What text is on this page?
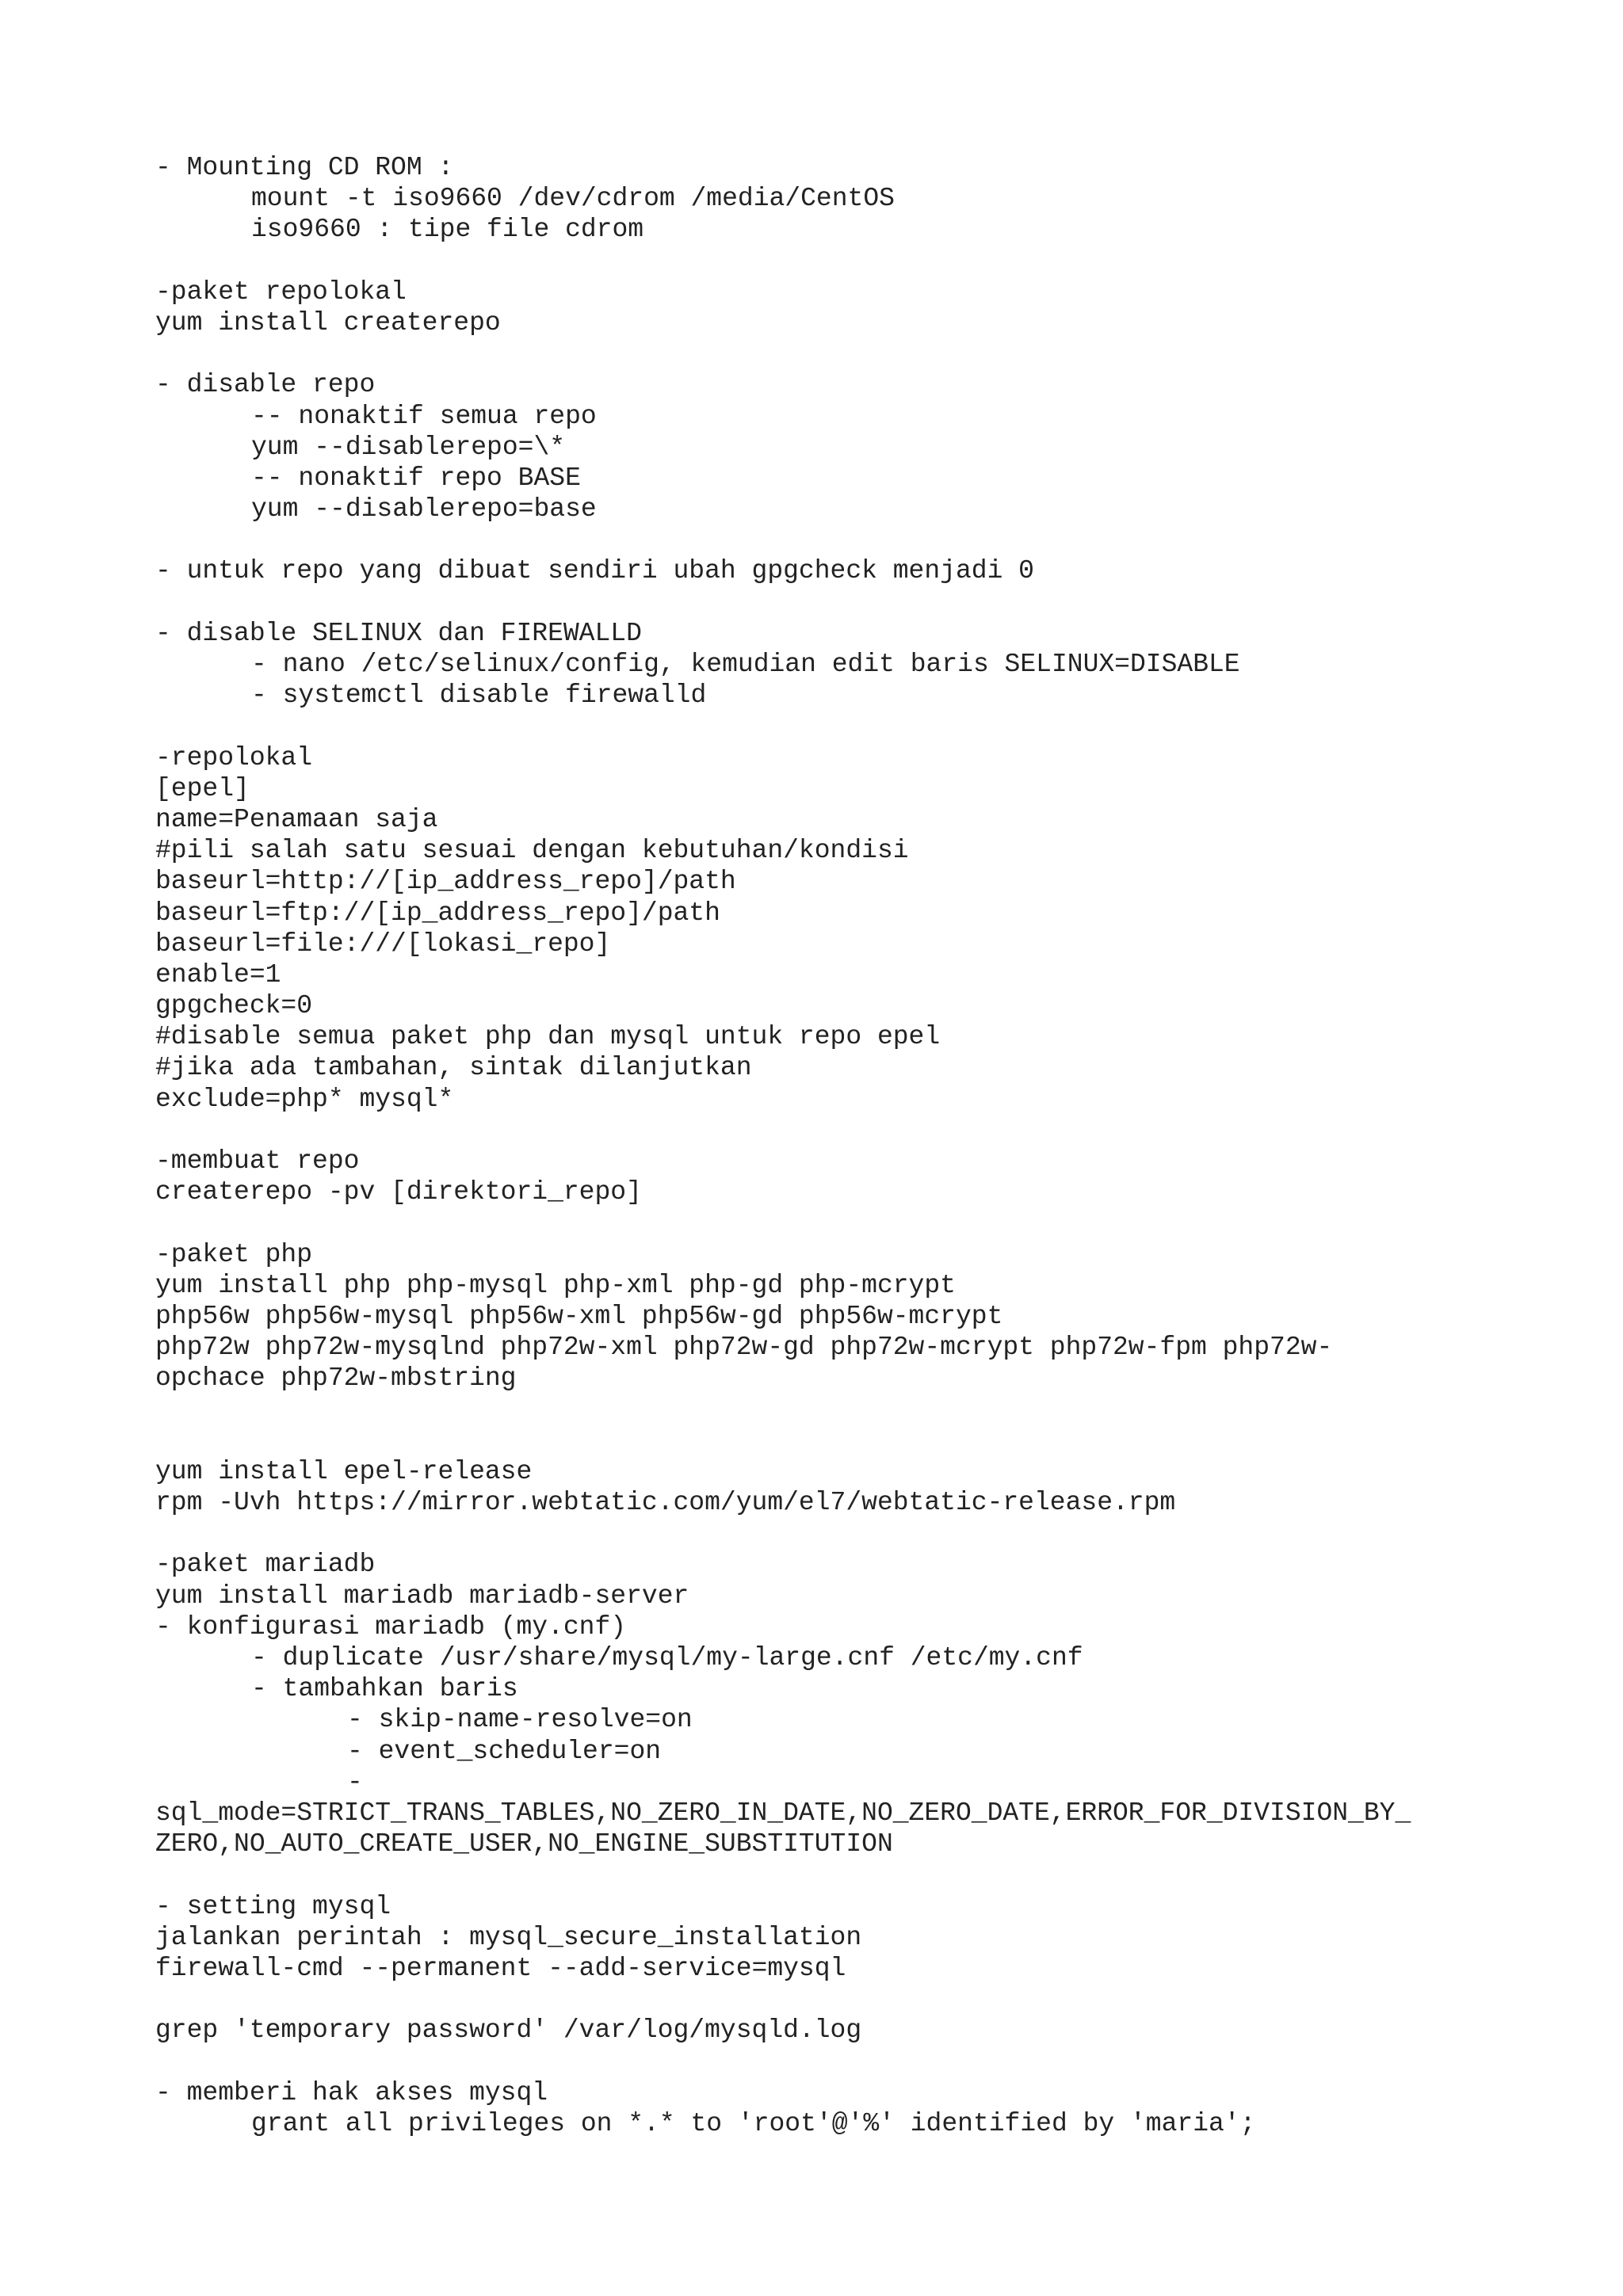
- Mounting CD ROM :
mount -t iso9660 /dev/cdrom /media/CentOS
iso9660 : tipe file cdrom
-paket repolokal
yum install createrepo
- disable repo
-- nonaktif semua repo
yum --disablerepo=\*
-- nonaktif repo BASE
yum --disablerepo=base
- untuk repo yang dibuat sendiri ubah gpgcheck menjadi 0
- disable SELINUX dan FIREWALLD
- nano /etc/selinux/config, kemudian edit baris SELINUX=DISABLE
- systemctl disable firewalld
-repolokal
[epel]
name=Penamaan saja
#pili salah satu sesuai dengan kebutuhan/kondisi
baseurl=http://[ip_address_repo]/path
baseurl=ftp://[ip_address_repo]/path
baseurl=file:///[lokasi_repo]
enable=1
gpgcheck=0
#disable semua paket php dan mysql untuk repo epel
#jika ada tambahan, sintak dilanjutkan
exclude=php* mysql*
-membuat repo
createrepo -pv [direktori_repo]
-paket php
yum install php php-mysql php-xml php-gd php-mcrypt
php56w php56w-mysql php56w-xml php56w-gd php56w-mcrypt
php72w php72w-mysqlnd php72w-xml php72w-gd php72w-mcrypt php72w-fpm php72w-
opchace php72w-mbstring
yum install epel-release
rpm -Uvh https://mirror.webtatic.com/yum/el7/webtatic-release.rpm
-paket mariadb
yum install mariadb mariadb-server
- konfigurasi mariadb (my.cnf)
- duplicate /usr/share/mysql/my-large.cnf /etc/my.cnf
- tambahkan baris
- skip-name-resolve=on
- event_scheduler=on
-
sql_mode=STRICT_TRANS_TABLES,NO_ZERO_IN_DATE,NO_ZERO_DATE,ERROR_FOR_DIVISION_BY_
ZERO,NO_AUTO_CREATE_USER,NO_ENGINE_SUBSTITUTION
- setting mysql
jalankan perintah : mysql_secure_installation
firewall-cmd --permanent --add-service=mysql
grep 'temporary password' /var/log/mysqld.log
- memberi hak akses mysql
grant all privileges on *.* to 'root'@'%' identified by 'maria';
